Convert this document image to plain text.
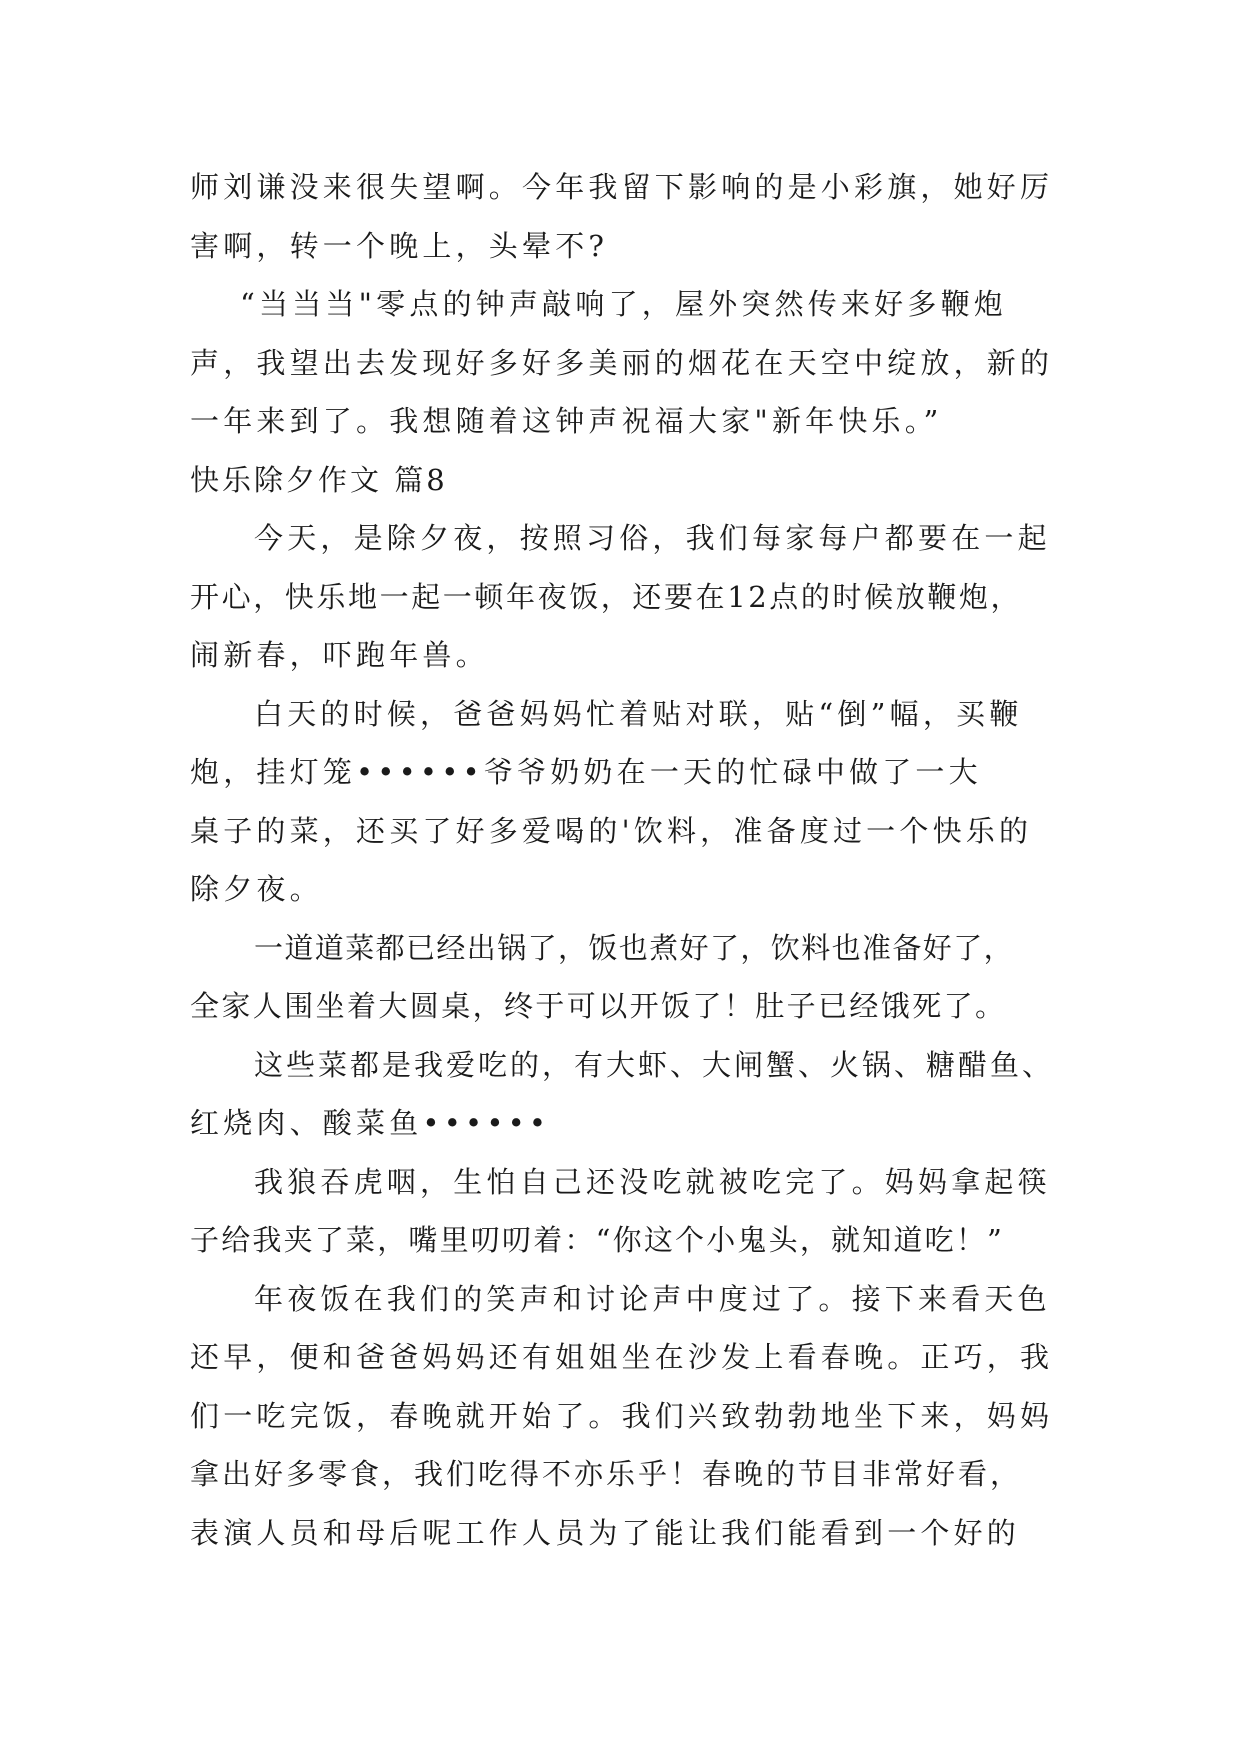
师刘谦没来很失望啊。今年我留下影响的是小彩旗，她好厉
害啊，转一个晚上，头晕不?
“当当当"零点的钟声敲响了，屋外突然传来好多鞭炮
声，我望出去发现好多好多美丽的烟花在天空中绽放，新的
一年来到了。我想随着这钟声祝福大家"新年快乐。”
快乐除夕作文 篇8
今天，是除夕夜，按照习俗，我们每家每户都要在一起
开心，快乐地一起一顿年夜饭，还要在12点的时候放鞭炮，
闹新春，吓跑年兽。
白天的时候，爸爸妈妈忙着贴对联，贴“倒”幅，买鞭
炮，挂灯笼••••••爷爷奶奶在一天的忙碌中做了一大
桌子的菜，还买了好多爱喝的'饮料，准备度过一个快乐的
除夕夜。
一道道菜都已经出锅了，饭也煮好了，饮料也准备好了，
全家人围坐着大圆桌，终于可以开饭了！肚子已经饿死了。
这些菜都是我爱吃的，有大虾、大闸蟹、火锅、糖醋鱼、
红烧肉、酸菜鱼••••••
我狼吞虎咽，生怕自己还没吃就被吃完了。妈妈拿起筷
子给我夹了菜，嘴里叨叨着：“你这个小鬼头，就知道吃！”
年夜饭在我们的笑声和讨论声中度过了。接下来看天色
还早，便和爸爸妈妈还有姐姐坐在沙发上看春晚。正巧，我
们一吃完饭，春晚就开始了。我们兴致勃勃地坐下来，妈妈
拿出好多零食，我们吃得不亦乐乎！春晚的节目非常好看，
表演人员和母后呢工作人员为了能让我们能看到一个好的
